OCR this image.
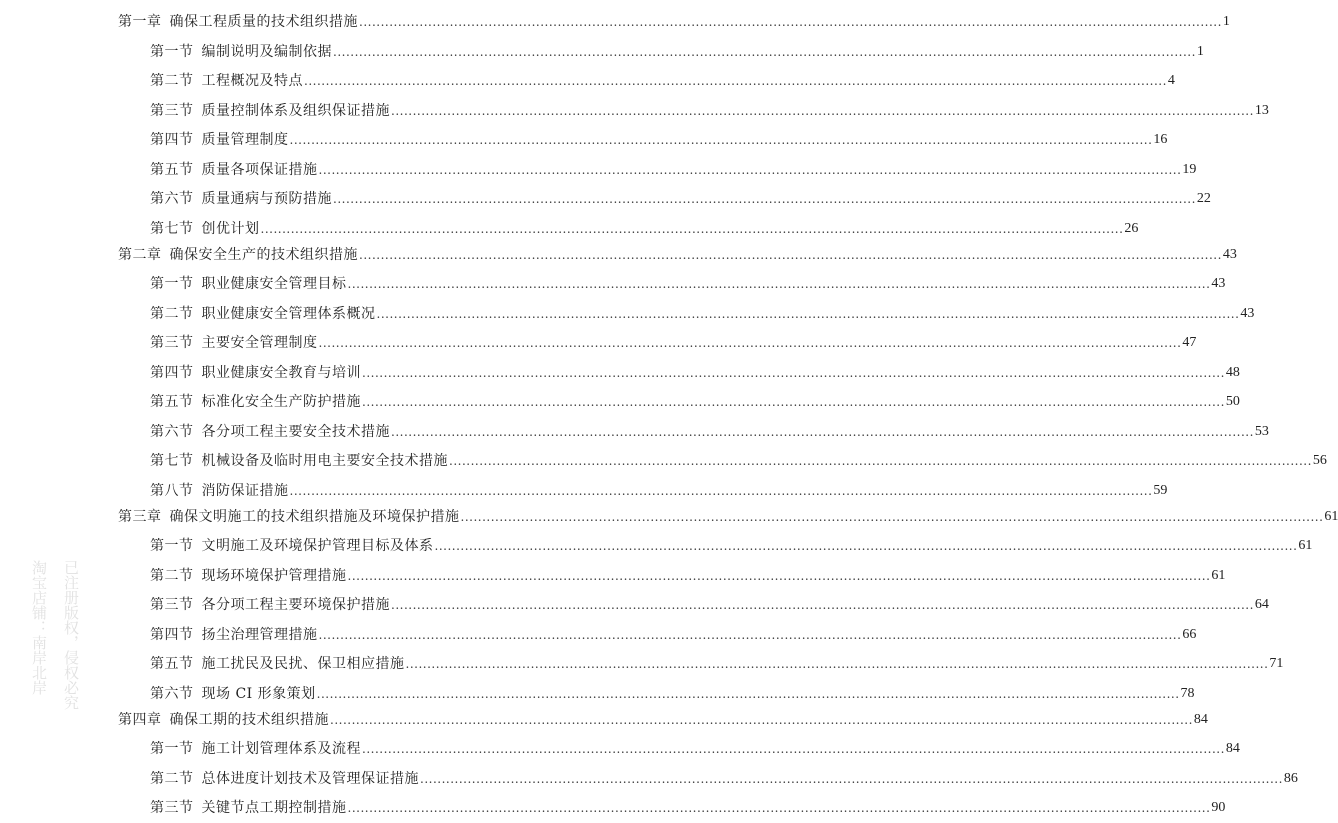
第一章 确保工程质量的技术组织措施 ........................................................................................................................................................................................................ 1
第一节 编制说明及编制依据 ........................................................................................................................................................................................................ 1
第二节 工程概况及特点 ........................................................................................................................................................................................................ 4
第三节 质量控制体系及组织保证措施 ........................................................................................................................................................................................................ 13
第四节 质量管理制度 ........................................................................................................................................................................................................ 16
第五节 质量各项保证措施 ........................................................................................................................................................................................................ 19
第六节 质量通病与预防措施 ........................................................................................................................................................................................................ 22
第七节 创优计划 ........................................................................................................................................................................................................ 26
第二章 确保安全生产的技术组织措施 ........................................................................................................................................................................................................ 43
第一节 职业健康安全管理目标 ........................................................................................................................................................................................................ 43
第二节 职业健康安全管理体系概况 ........................................................................................................................................................................................................ 43
第三节 主要安全管理制度 ........................................................................................................................................................................................................ 47
第四节 职业健康安全教育与培训 ........................................................................................................................................................................................................ 48
第五节 标准化安全生产防护措施 ........................................................................................................................................................................................................ 50
第六节 各分项工程主要安全技术措施 ........................................................................................................................................................................................................ 53
第七节 机械设备及临时用电主要安全技术措施 ........................................................................................................................................................................................................ 56
第八节 消防保证措施 ........................................................................................................................................................................................................ 59
第三章 确保文明施工的技术组织措施及环境保护措施 ........................................................................................................................................................................................................ 61
第一节 文明施工及环境保护管理目标及体系 ........................................................................................................................................................................................................ 61
第二节 现场环境保护管理措施 ........................................................................................................................................................................................................ 61
第三节 各分项工程主要环境保护措施 ........................................................................................................................................................................................................ 64
第四节 扬尘治理管理措施 ........................................................................................................................................................................................................ 66
第五节 施工扰民及民扰、保卫相应措施 ........................................................................................................................................................................................................ 71
第六节 现场 CI 形象策划 ........................................................................................................................................................................................................ 78
第四章 确保工期的技术组织措施 ........................................................................................................................................................................................................ 84
第一节 施工计划管理体系及流程 ........................................................................................................................................................................................................ 84
第二节 总体进度计划技术及管理保证措施 ........................................................................................................................................................................................................ 86
第三节 关键节点工期控制措施 ........................................................................................................................................................................................................ 90
淘宝店铺：南岸北岸 已注册版权，侵权必究
